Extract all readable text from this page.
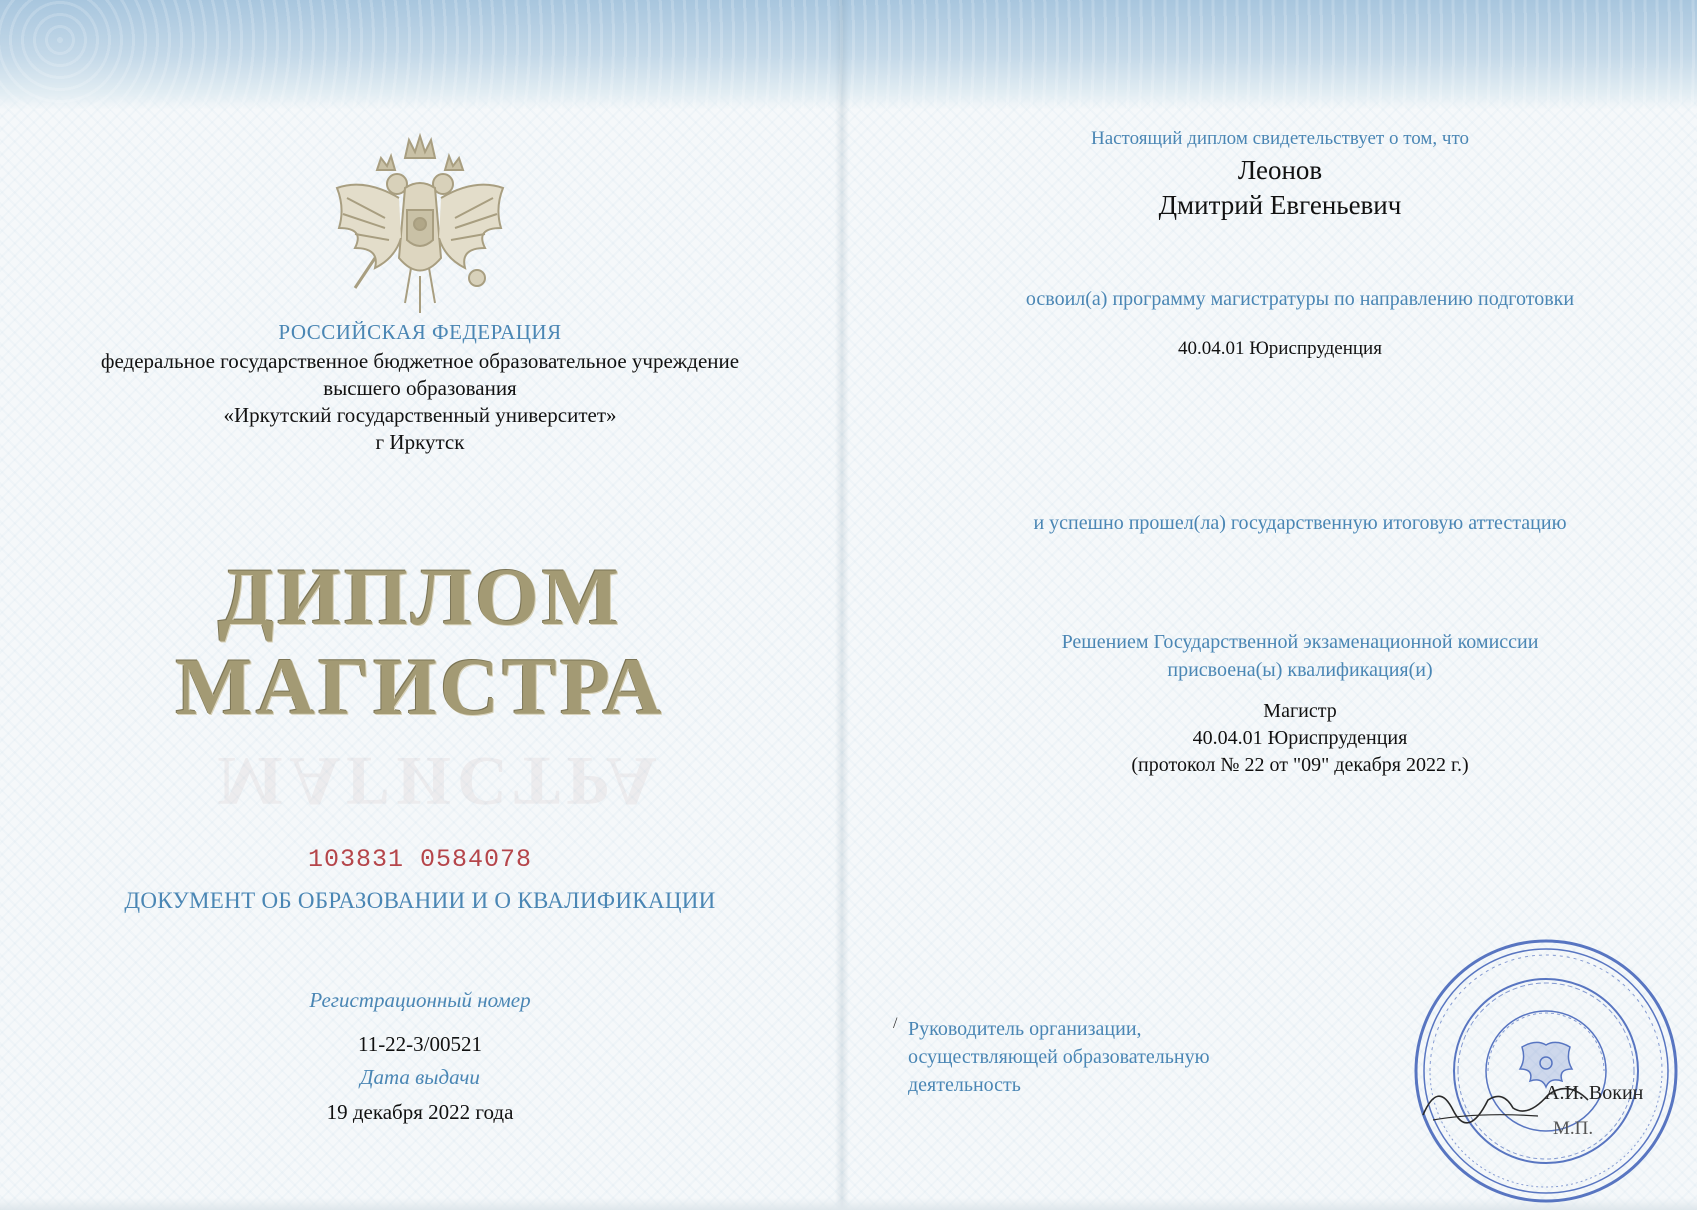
РОССИЙСКАЯ ФЕДЕРАЦИЯ
федеральное государственное бюджетное образовательное учреждение
высшего образования
«Иркутский государственный университет»
г Иркутск
ДИПЛОМ
МАГИСТРА
МАГИСТРА
103831 0584078
ДОКУМЕНТ ОБ ОБРАЗОВАНИИ И О КВАЛИФИКАЦИИ
Регистрационный номер
11-22-3/00521
Дата выдачи
19 декабря 2022 года
Настоящий диплом свидетельствует о том, что
Леонов
Дмитрий Евгеньевич
освоил(а) программу магистратуры по направлению подготовки
40.04.01 Юриспруденция
и успешно прошел(ла) государственную итоговую аттестацию
Решением Государственной экзаменационной комиссии
присвоена(ы) квалификация(и)
Магистр
40.04.01 Юриспруденция
(протокол № 22 от "09" декабря 2022 г.)
/ Руководитель организации,
осуществляющей образовательную
деятельность	А.И. Вокин
М.П.
